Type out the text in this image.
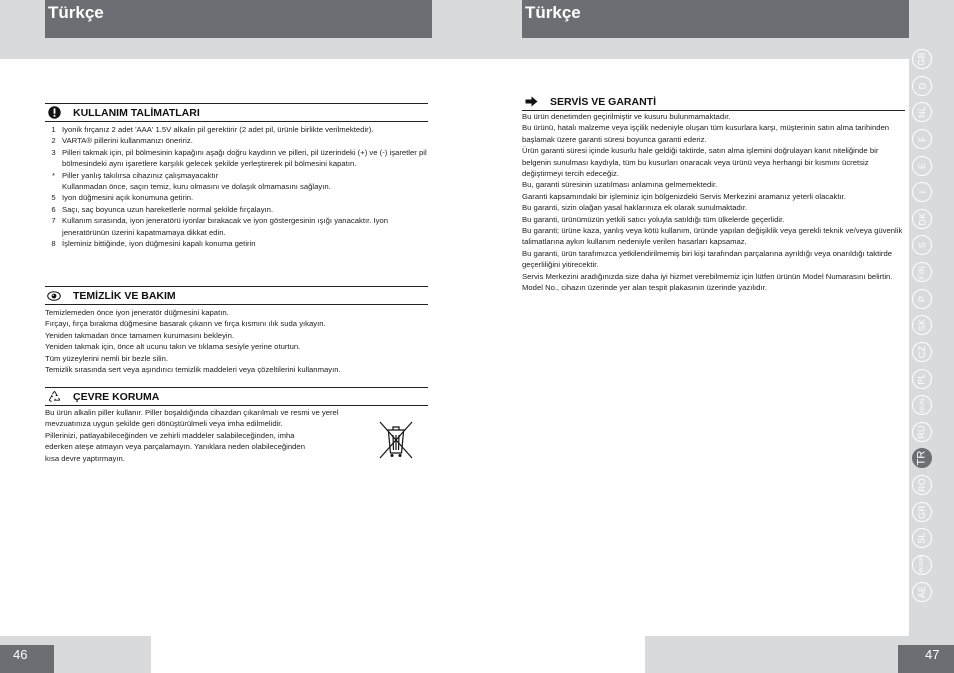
Türkçe	Türkçe
46	47
KULLANIM TALİMATLARI
1 Iyonik fırçanız 2 adet 'AAA' 1.5V alkalin pil gerektirir (2 adet pil, ürünle birlikte verilmektedir).
2 VARTA® pillerini kullanmanızı öneririz.
3 Pilleri takmak için, pil bölmesinin kapağını aşağı doğru kaydırın ve pilleri, pil üzerindeki (+) ve (-) işaretler pil bölmesindeki aynı işaretlere karşılık gelecek şekilde yerleştirerek pil bölmesini kapatın.
* Piller yanlış takılırsa cihazınız çalışmayacaktır
Kullanmadan önce, saçın temiz, kuru olmasını ve dolaşık olmamasını sağlayın.
5 Iyon düğmesini açık konumuna getirin.
6 Saçı, saç boyunca uzun hareketlerle normal şekilde fırçalayın.
7 Kullanım sırasında, iyon jeneratörü iyonlar bırakacak ve iyon göstergesinin ışığı yanacaktır. Iyon jeneratörünün üzerini kapatmamaya dikkat edin.
8 İşleminiz bittiğinde, iyon düğmesini kapalı konuma getirin
TEMİZLİK VE BAKIM
Temizlemeden önce iyon jeneratör düğmesini kapatın.
Fırçayı, fırça bırakma düğmesine basarak çıkarın ve fırça kısmını ılık suda yıkayın.
Yeniden takmadan önce tamamen kurumasını bekleyin.
Yeniden takmak için, önce alt ucunu takın ve tıklama sesiyle yerine oturtun.
Tüm yüzeylerini nemli bir bezle silin.
Temizlik sırasında sert veya aşındırıcı temizlik maddeleri veya çözeltilerini kullanmayın.
ÇEVRE KORUMA
Bu ürün alkalin piller kullanır. Piller boşaldığında cihazdan çıkarılmalı ve resmi ve yerel
mevzuatınıza uygun şekilde geri dönüştürülmeli veya imha edilmelidir.
Pillerinizi, patlayabileceğinden ve zehirli maddeler salabileceğinden, imha
ederken ateşe atmayın veya parçalamayın. Yanıklara neden olabileceğinden
kısa devre yaptırmayın.
SERVİS VE GARANTİ
Bu ürün denetimden geçirilmiştir ve kusuru bulunmamaktadır.
Bu ürünü, hatalı malzeme veya işçilik nedeniyle oluşan tüm kusurlara karşı, müşterinin satın alma tarihinden başlamak üzere garanti süresi boyunca garanti ederiz.
Ürün garanti süresi içinde kusurlu hale geldiği taktirde, satın alma işlemini doğrulayan kanıt niteliğinde bir belgenin sunulması kaydıyla, tüm bu kusurları onaracak veya ürünü veya herhangi bir kısmını ücretsiz değiştirmeyi tercih edeceğiz.
Bu, garanti süresinin uzatılması anlamına gelmemektedir.
Garanti kapsamındaki bir işleminiz için bölgenizdeki Servis Merkezini aramanız yeterli olacaktır.
Bu garanti, sizin olağan yasal haklarınıza ek olarak sunulmaktadır.
Bu garanti, ürünümüzün yetkili satıcı yoluyla satıldığı tüm ülkelerde geçerlidir.
Bu garanti; ürüne kaza, yanlış veya kötü kullanım, üründe yapılan değişiklik veya gerekli teknik ve/veya güvenlik talimatlarına aykırı kullanım nedeniyle verilen hasarları kapsamaz.
Bu garanti, ürün tarafımızca yetkilendirilmemiş biri kişi tarafından parçalarına ayrıldığı veya onarıldığı taktirde geçerliliğini yitirecektir.
Servis Merkezini aradığınızda size daha iyi hizmet verebilmemiz için lütfen ürünün Model Numarasını belirtin.
Model No., cihazın üzerinde yer alan tespit plakasının üzerinde yazılıdır.
GB
D
NL
F
E
I
DK
S
FIN
P
SK
CZ
PL
HUN
RU
TR
RO
GR
SL
HR/SRB
AE
